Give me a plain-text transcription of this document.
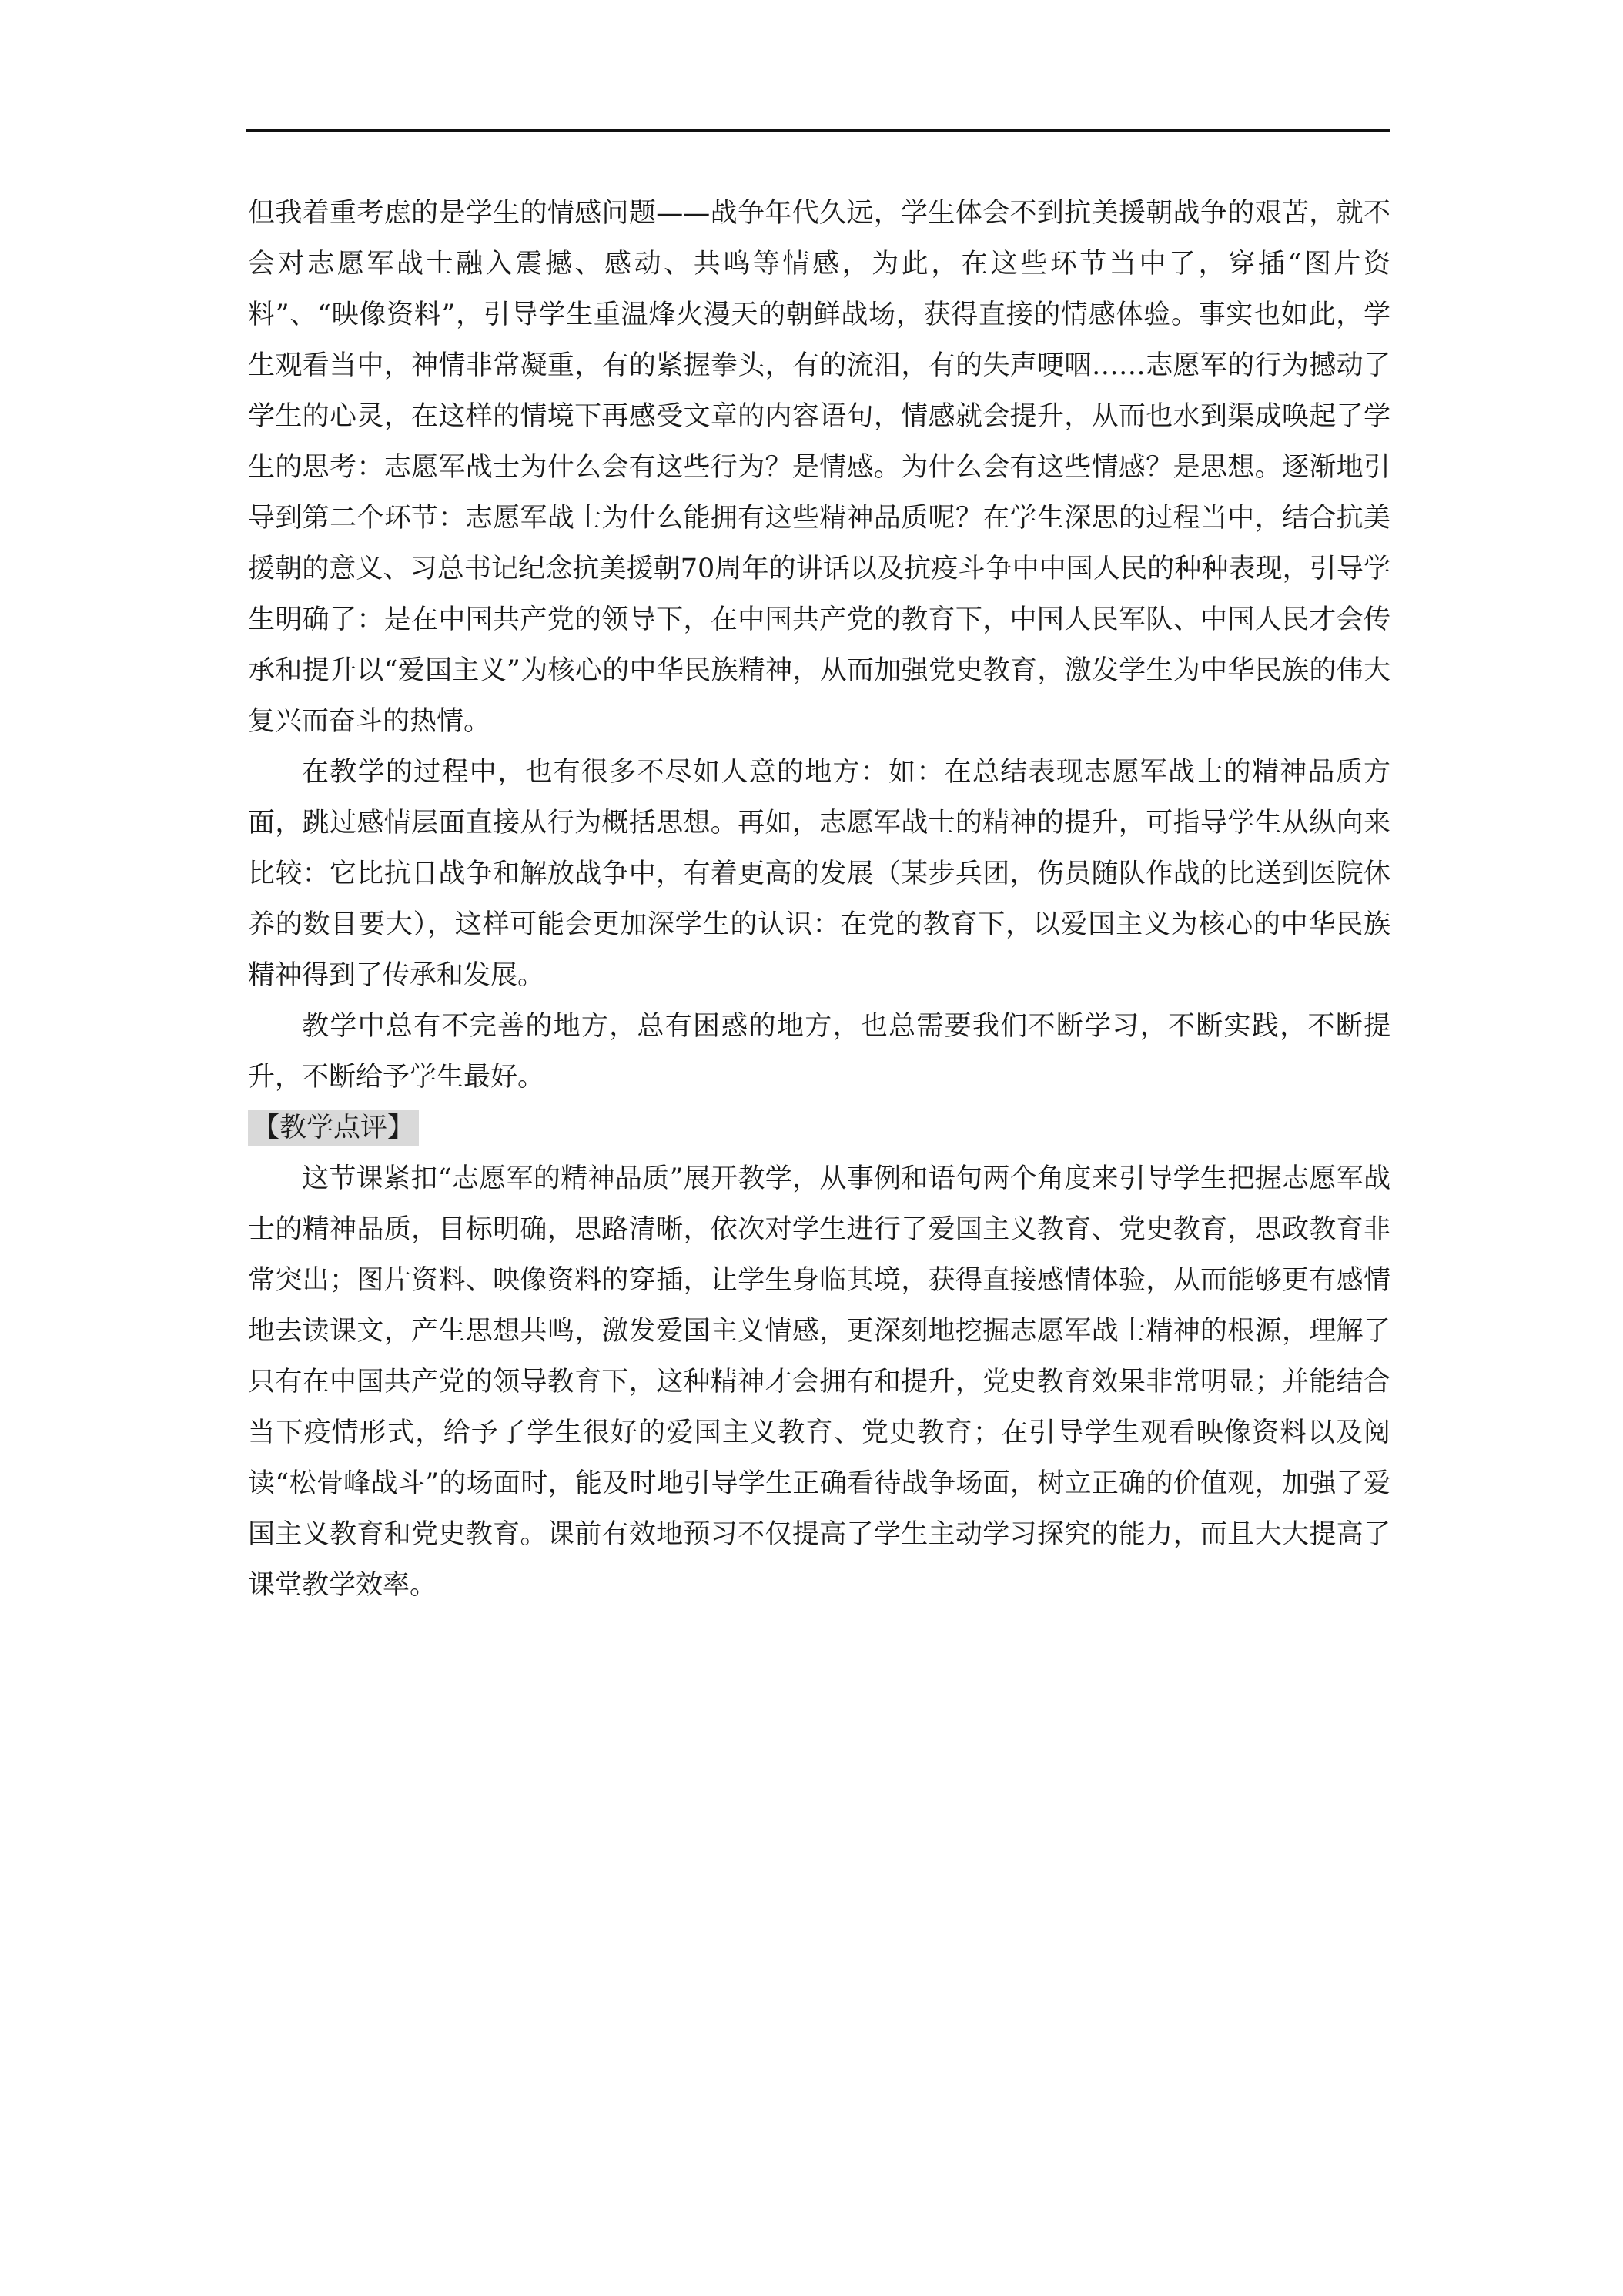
但我着重考虑的是学生的情感问题——战争年代久远，学生体会不到抗美援朝战争的艰苦，就不会对志愿军战士融入震撼、感动、共鸣等情感，为此，在这些环节当中了，穿插“图片资料”、“映像资料”，引导学生重温烽火漫天的朝鲜战场，获得直接的情感体验。事实也如此，学生观看当中，神情非常凝重，有的紧握拳头，有的流泪，有的失声哽咽……志愿军的行为撼动了学生的心灵，在这样的情境下再感受文章的内容语句，情感就会提升，从而也水到渠成唤起了学生的思考：志愿军战士为什么会有这些行为？是情感。为什么会有这些情感？是思想。逐渐地引导到第二个环节：志愿军战士为什么能拥有这些精神品质呢？在学生深思的过程当中，结合抗美援朝的意义、习总书记纪念抗美援朝70周年的讲话以及抗疫斗争中中国人民的种种表现，引导学生明确了：是在中国共产党的领导下，在中国共产党的教育下，中国人民军队、中国人民才会传承和提升以“爱国主义”为核心的中华民族精神，从而加强党史教育，激发学生为中华民族的伟大复兴而奋斗的热情。

在教学的过程中，也有很多不尽如人意的地方：如：在总结表现志愿军战士的精神品质方面，跳过感情层面直接从行为概括思想。再如，志愿军战士的精神的提升，可指导学生从纵向来比较：它比抗日战争和解放战争中，有着更高的发展（某步兵团，伤员随队作战的比送到医院休养的数目要大），这样可能会更加深学生的认识：在党的教育下，以爱国主义为核心的中华民族精神得到了传承和发展。

教学中总有不完善的地方，总有困惑的地方，也总需要我们不断学习，不断实践，不断提升，不断给予学生最好。

【教学点评】

这节课紧扣“志愿军的精神品质”展开教学，从事例和语句两个角度来引导学生把握志愿军战士的精神品质，目标明确，思路清晰，依次对学生进行了爱国主义教育、党史教育，思政教育非常突出；图片资料、映像资料的穿插，让学生身临其境，获得直接感情体验，从而能够更有感情地去读课文，产生思想共鸣，激发爱国主义情感，更深刻地挖掘志愿军战士精神的根源，理解了只有在中国共产党的领导教育下，这种精神才会拥有和提升，党史教育效果非常明显；并能结合当下疫情形式，给予了学生很好的爱国主义教育、党史教育；在引导学生观看映像资料以及阅读“松骨峰战斗”的场面时，能及时地引导学生正确看待战争场面，树立正确的价值观，加强了爱国主义教育和党史教育。课前有效地预习不仅提高了学生主动学习探究的能力，而且大大提高了课堂教学效率。
